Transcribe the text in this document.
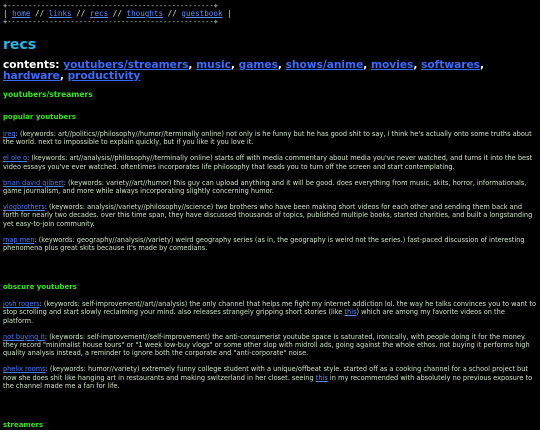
+-------------------------------------------------+
| home // links // recs // thoughts // guestbook |
+-------------------------------------------------+
recs
contents: youtubers/streamers, music, games, shows/anime, movies, softwares, hardware, productivity
youtubers/streamers
popular youtubers
jreg: (keywords: art//politics//philosophy//humor//terminally online) not only is he funny but he has good shit to say, i think he's actually onto some truths about the world. next to impossible to explain quickly, but if you like it you love it.
el ole o: (keywords: art//analysis//philosophy//terminally online) starts off with media commentary about media you've never watched, and turns it into the best video essays you've ever watched. oftentimes incorporates life philosophy that leads you to turn off the screen and start contemplating.
brian david gilbert: (keywords: variety//art//humor) this guy can upload anything and it will be good. does everything from music, skits, horror, informationals, game journalism, and more while always incorporating slightly concerning humor.
vlogbrothers: (keywords: analysis//variety//philosophy//science) two brothers who have been making short videos for each other and sending them back and forth for nearly two decades. over this time span, they have discussed thousands of topics, published multiple books, started charities, and built a longstanding yet easy-to-join community.
map men: (keywords: geography//analysis//variety) weird geography series (as in, the geography is weird not the series.) fast-paced discussion of interesting phenomena plus great skits because it's made by comedians.
obscure youtubers
josh rogers: (keywords: self-improvement//art//analysis) the only channel that helps me fight my internet addiction lol. the way he talks convinces you to want to stop scrolling and start slowly reclaiming your mind. also releases strangely gripping short stories (like this) which are among my favorite videos on the platform.
not buying it: (keywords: self-improvement//self-improvement) the anti-consumerist youtube space is saturated, ironically, with people doing it for the money. they record "minimalist house tours" or "1 week low-buy vlogs" or some other slop with midroll ads, going against the whole ethos. not buying it performs high quality analysis instead, a reminder to ignore both the corporate and "anti-corporate" noise.
phelix rooms: (keywords: humor//variety) extremely funny college student with a unique/offbeat style. started off as a cooking channel for a school project but now she does shit like hanging art in restaurants and making switzerland in her closet. seeing this in my recommended with absolutely no previous exposure to the channel made me a fan for life.
streamers
